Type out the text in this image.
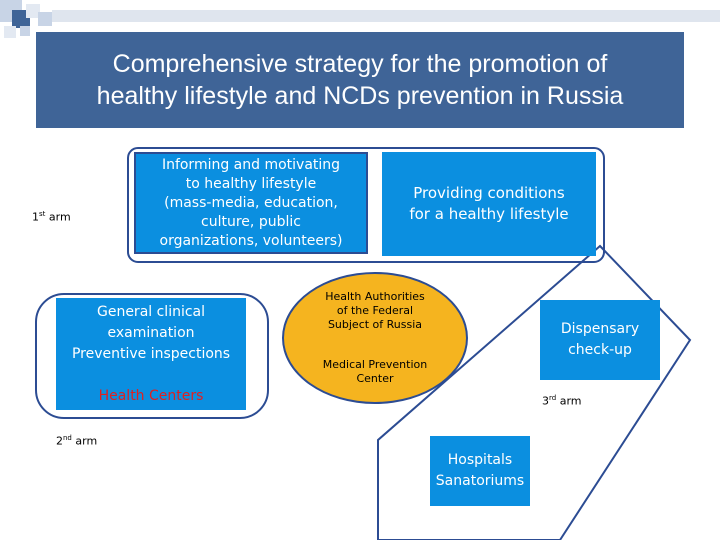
Comprehensive strategy for the promotion of
healthy lifestyle and NCDs prevention in Russia
Informing and motivating
to healthy lifestyle
(mass-media, education,
culture, public
organizations, volunteers)
Providing conditions
for a healthy lifestyle

General clinical
examination
Preventive inspections

Health Centers

Health Authorities
of the Federal
Subject of Russia
Medical Prevention
Center
Dispensary
check-up
Hospitals
Sanatoriums
1st arm
2nd arm
3rd arm
